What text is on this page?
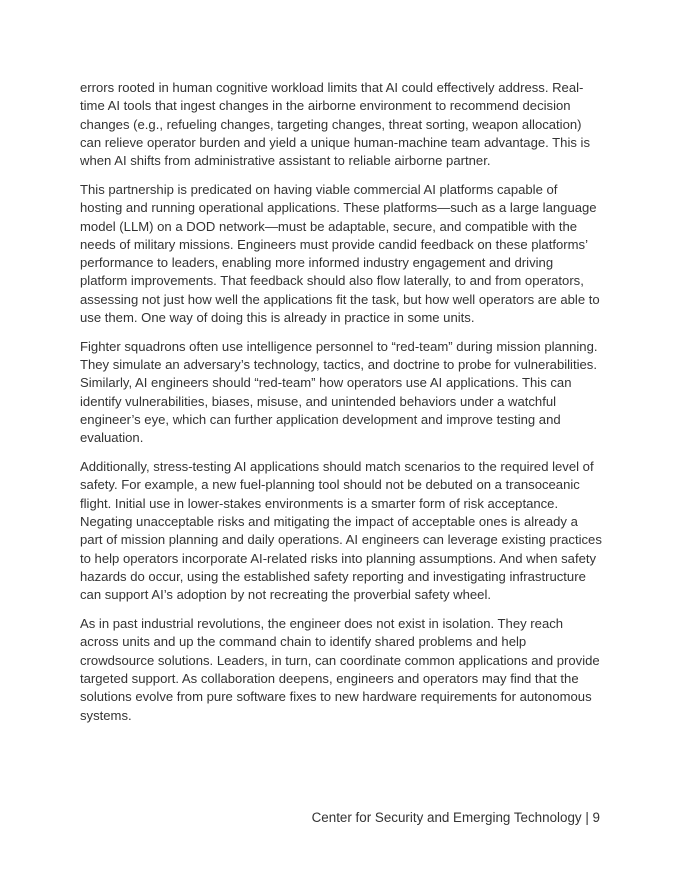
errors rooted in human cognitive workload limits that AI could effectively address. Real-time AI tools that ingest changes in the airborne environment to recommend decision changes (e.g., refueling changes, targeting changes, threat sorting, weapon allocation) can relieve operator burden and yield a unique human-machine team advantage. This is when AI shifts from administrative assistant to reliable airborne partner.

This partnership is predicated on having viable commercial AI platforms capable of hosting and running operational applications. These platforms—such as a large language model (LLM) on a DOD network—must be adaptable, secure, and compatible with the needs of military missions. Engineers must provide candid feedback on these platforms’ performance to leaders, enabling more informed industry engagement and driving platform improvements. That feedback should also flow laterally, to and from operators, assessing not just how well the applications fit the task, but how well operators are able to use them. One way of doing this is already in practice in some units.

Fighter squadrons often use intelligence personnel to “red-team” during mission planning. They simulate an adversary’s technology, tactics, and doctrine to probe for vulnerabilities. Similarly, AI engineers should “red-team” how operators use AI applications. This can identify vulnerabilities, biases, misuse, and unintended behaviors under a watchful engineer’s eye, which can further application development and improve testing and evaluation.

Additionally, stress-testing AI applications should match scenarios to the required level of safety. For example, a new fuel-planning tool should not be debuted on a transoceanic flight. Initial use in lower-stakes environments is a smarter form of risk acceptance. Negating unacceptable risks and mitigating the impact of acceptable ones is already a part of mission planning and daily operations. AI engineers can leverage existing practices to help operators incorporate AI-related risks into planning assumptions. And when safety hazards do occur, using the established safety reporting and investigating infrastructure can support AI’s adoption by not recreating the proverbial safety wheel.

As in past industrial revolutions, the engineer does not exist in isolation. They reach across units and up the command chain to identify shared problems and help crowdsource solutions. Leaders, in turn, can coordinate common applications and provide targeted support. As collaboration deepens, engineers and operators may find that the solutions evolve from pure software fixes to new hardware requirements for autonomous systems.

Center for Security and Emerging Technology | 9
